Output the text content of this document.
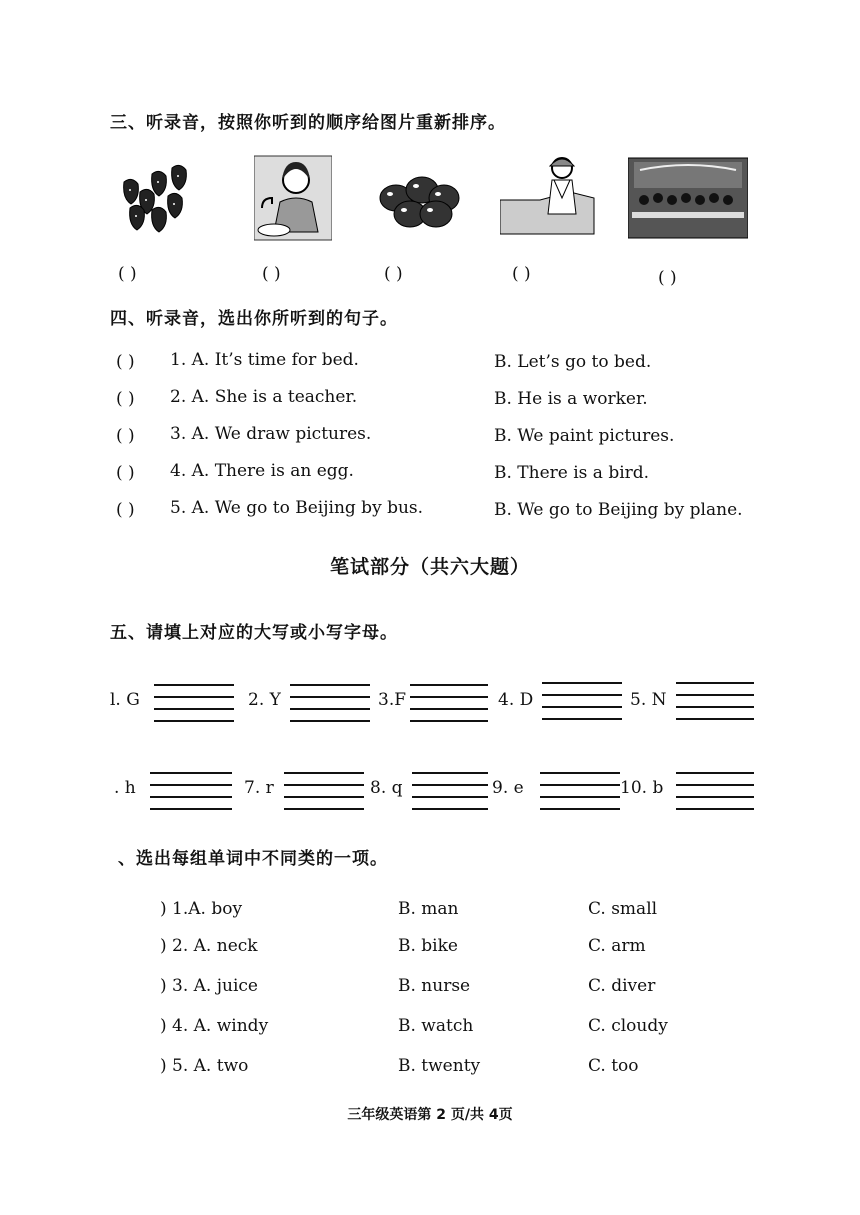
三、听录音，按照你听到的顺序给图片重新排序。
( )	( )	( )	( )	( )
四、听录音，选出你所听到的句子。
( ) 1. A. It’s time for bed.	B. Let’s go to bed.
( ) 2. A. She is a teacher.	B. He is a worker.
( ) 3. A. We draw pictures.	B. We paint pictures.
( ) 4. A. There is an egg.	B. There is a bird.
( ) 5. A. We go to Beijing by bus.	B. We go to Beijing by plane.
笔试部分（共六大题）
五、请填上对应的大写或小写字母。
l. G	2. Y	3.F	4. D	5. N
. h	7. r	8. q	9. e	10. b
、选出每组单词中不同类的一项。
) 1.A. boy	B. man	C. small
) 2. A. neck	B. bike	C. arm
) 3. A. juice	B. nurse	C. diver
) 4. A. windy	B. watch	C. cloudy
) 5. A. two	B. twenty	C. too
三年级英语第 2 页/共 4页
